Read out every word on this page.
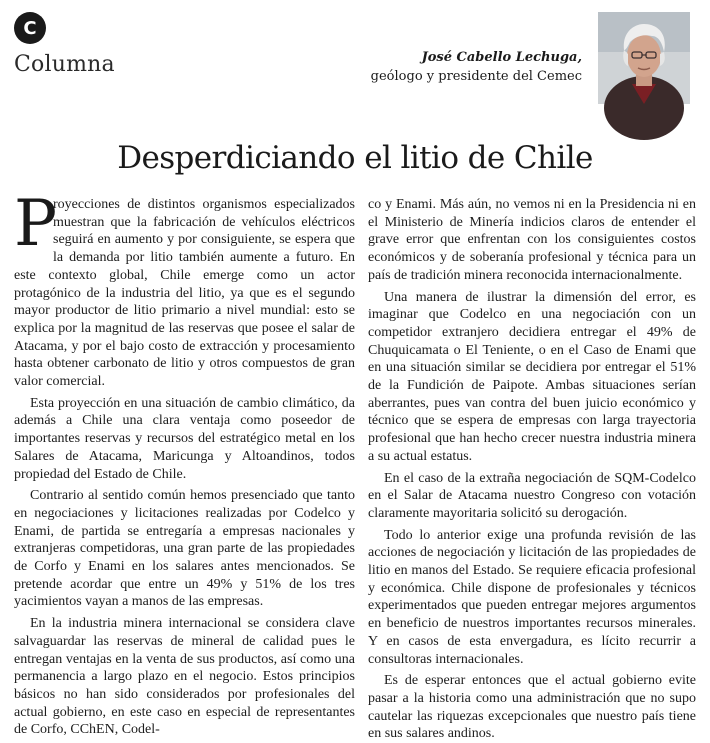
C
Columna	José Cabello Lechuga,
geólogo y presidente del Cemec
Desperdiciando el litio de Chile

P
royecciones de distintos organismos especializados muestran que la fabricación de vehículos eléctricos seguirá en aumento y por consiguiente, se espera que la demanda por litio también aumente a futuro. En este contexto global, Chile emerge como un actor protagónico de la industria del litio, ya que es el segundo mayor productor de litio primario a nivel mundial: esto se explica por la magnitud de las reservas que posee el salar de Atacama, y por el bajo costo de extracción y procesamiento hasta obtener carbonato de litio y otros compuestos de gran valor comercial.

Esta proyección en una situación de cambio climático, da además a Chile una clara ventaja como poseedor de importantes reservas y recursos del estratégico metal en los Salares de Atacama, Maricunga y Altoandinos, todos propiedad del Estado de Chile.

Contrario al sentido común hemos presenciado que tanto en negociaciones y licitaciones realizadas por Codelco y Enami, de partida se entregaría a empresas nacionales y extranjeras competidoras, una gran parte de las propiedades de Corfo y Enami en los salares antes mencionados. Se pretende acordar que entre un 49% y 51% de los tres yacimientos vayan a manos de las empresas.

En la industria minera internacional se considera clave salvaguardar las reservas de mineral de calidad pues le entregan ventajas en la venta de sus productos, así como una permanencia a largo plazo en el negocio. Estos principios básicos no han sido considerados por profesionales del actual gobierno, en este caso en especial de representantes de Corfo, CChEN, Codel-

co y Enami. Más aún, no vemos ni en la Presidencia ni en el Ministerio de Minería indicios claros de entender el grave error que enfrentan con los consiguientes costos económicos y de soberanía profesional y técnica para un país de tradición minera reconocida internacionalmente.

Una manera de ilustrar la dimensión del error, es imaginar que Codelco en una negociación con un competidor extranjero decidiera entregar el 49% de Chuquicamata o El Teniente, o en el Caso de Enami que en una situación similar se decidiera por entregar el 51% de la Fundición de Paipote. Ambas situaciones serían aberrantes, pues van contra del buen juicio económico y técnico que se espera de empresas con larga trayectoria profesional que han hecho crecer nuestra industria minera a su actual estatus.

En el caso de la extraña negociación de SQM-Codelco en el Salar de Atacama nuestro Congreso con votación claramente mayoritaria solicitó su derogación.

Todo lo anterior exige una profunda revisión de las acciones de negociación y licitación de las propiedades de litio en manos del Estado. Se requiere eficacia profesional y económica. Chile dispone de profesionales y técnicos experimentados que pueden entregar mejores argumentos en beneficio de nuestros importantes recursos minerales. Y en casos de esta envergadura, es lícito recurrir a consultoras internacionales.

Es de esperar entonces que el actual gobierno evite pasar a la historia como una administración que no supo cautelar las riquezas excepcionales que nuestro país tiene en sus salares andinos.
